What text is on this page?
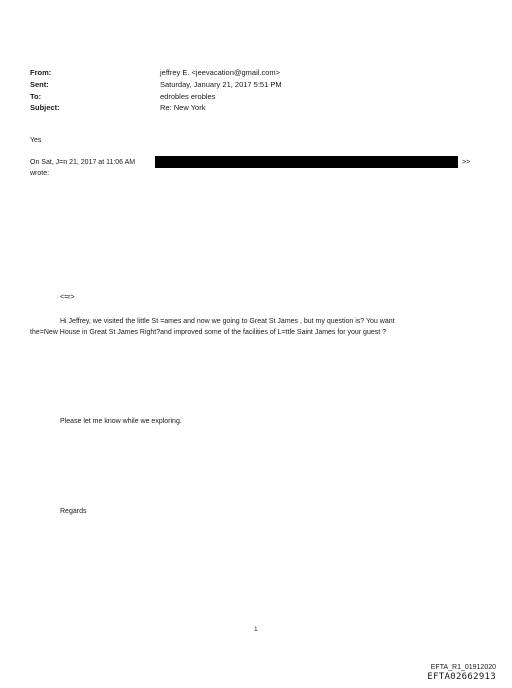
From:	jeffrey E. <jeevacation@gmail.com>
Sent:	Saturday, January 21, 2017 5:51 PM
To:	edrobles erobles
Subject:	Re: New York
Yes
On Sat, J=n 21, 2017 at 11:06 AM	>>
wrote:
<=r>
Hi Jeffrey, we visited the little St =ames and now we going to Great St James , but my question is? You want
the=New House in Great St James Right?and improved some of the facilities of L=ttle Saint James for your guest ?
Please let me know while we exploring.
Regards
1
EFTA_R1_01912020
EFTA02662913
